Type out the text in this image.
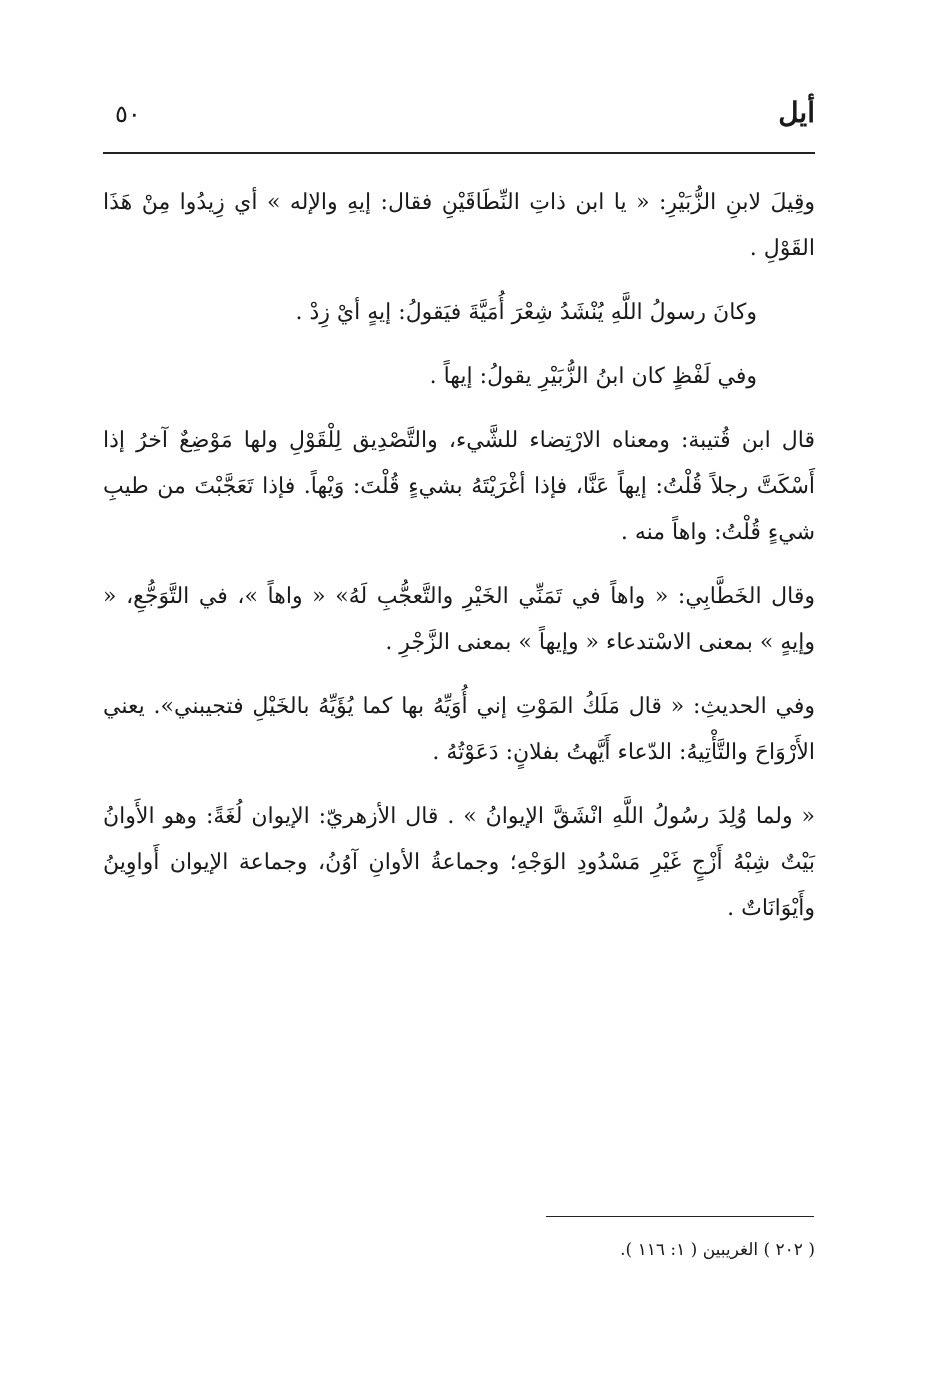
أيل
٥٠

وقِيلَ لابنِ الزُّبَيْرِ: « يا ابن ذاتِ النِّطَاقَيْنِ فقال: إيهِ والإله » أي زِيدُوا مِنْ هَذَا القَوْلِ .

وكانَ رسولُ اللَّهِ يُنْشَدُ شِعْرَ أُمَيَّةَ فيَقولُ: إيهٍ أيْ زِدْ .

وفي لَفْظٍ كان ابنُ الزُّبَيْرِ يقولُ: إيهاً .

قال ابن قُتيبة: ومعناه الارْتِضاء للشَّيء، والتَّصْدِيق لِلْقَوْلِ ولها مَوْضِعٌ آخرُ إذا أَسْكَتَّ رجلاً قُلْتُ: إيهاً عَنَّا، فإذا أغْرَيْتَهُ بشيءٍ قُلْتَ: وَيْهاً. فإذا تَعَجَّبْتَ من طيبِ شيءٍ قُلْتُ: واهاً منه .

وقال الخَطَّابِي: « واهاً في تَمَنِّي الخَيْرِ والتَّعجُّبِ لَهُ» « واهاً »، في التَّوَجُّعِ، « وإيهٍ » بمعنى الاسْتدعاء « وإيهاً » بمعنى الزَّجْرِ .

وفي الحديثِ: « قال مَلَكُ المَوْتِ إني أُوَيِّهُ بها كما يُؤَيِّهُ بالخَيْلِ فتجيبني». يعني الأَرْوَاحَ والتَّأْتِيهُ: الدّعاء أَيَّهتُ بفلانٍ: دَعَوْتُهُ .

« ولما وُلِدَ رسُولُ اللَّهِ انْشَقَّ الإيوانُ » . قال الأزهريّ: الإيوان لُغَةً: وهو الأَوانُ بَيْتٌ شِبْهُ أَزْجٍ غَيْرِ مَسْدُودِ الوَجْهِ؛ وجماعةُ الأوانِ آوُنُ، وجماعة الإيوان أَواوِينُ وأَيْوَانَاتٌ .

( ٢٠٢ ) الغريبين ( ١: ١١٦ ).
